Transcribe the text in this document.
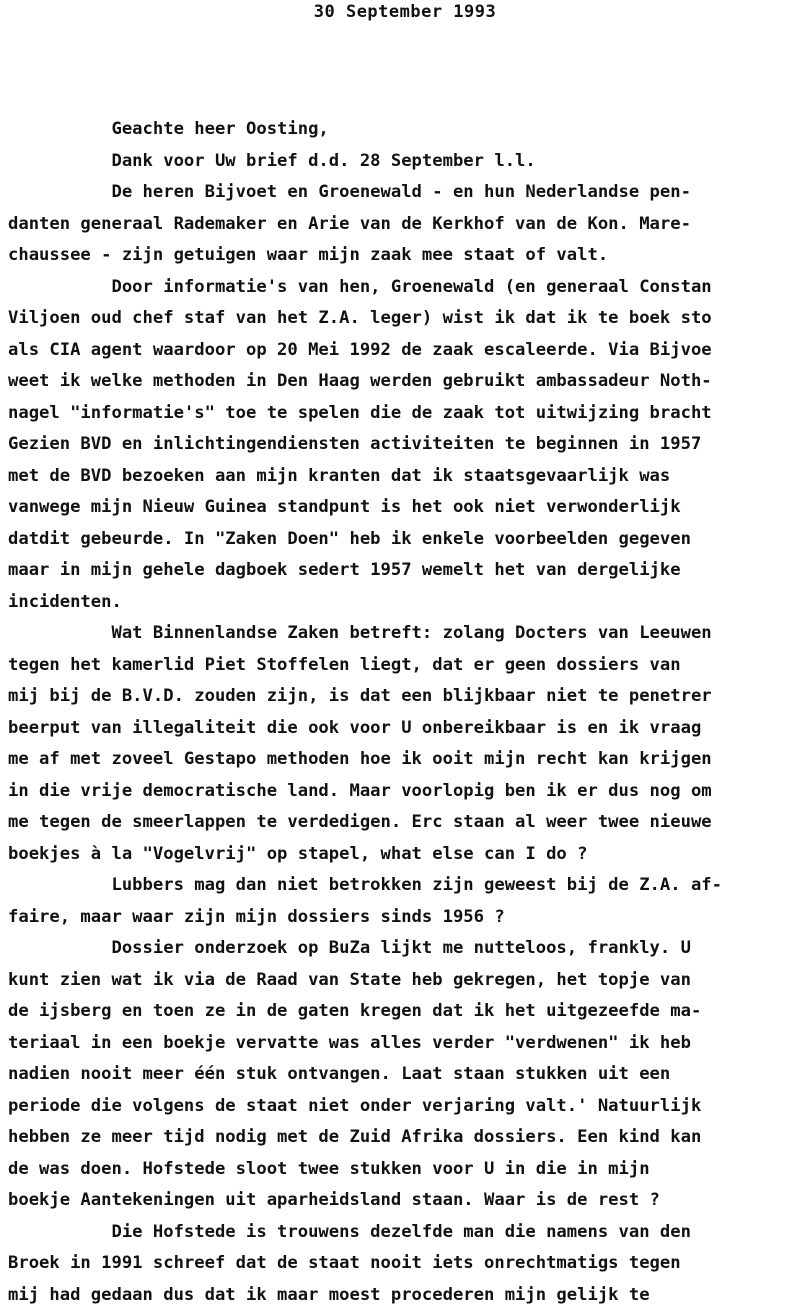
30 September 1993
Geachte heer Oosting,
Dank voor Uw brief d.d. 28 September l.l.
De heren Bijvoet en Groenewald - en hun Nederlandse pen-
danten generaal Rademaker en Arie van de Kerkhof van de Kon. Mare-
chaussee - zijn getuigen waar mijn zaak mee staat of valt.
Door informatie's van hen, Groenewald (en generaal Constan
Viljoen oud chef staf van het Z.A. leger) wist ik dat ik te boek sto
als CIA agent waardoor op 20 Mei 1992 de zaak escaleerde. Via Bijvoe
weet ik welke methoden in Den Haag werden gebruikt ambassadeur Noth-
nagel "informatie's" toe te spelen die de zaak tot uitwijzing bracht
Gezien BVD en inlichtingendiensten activiteiten te beginnen in 1957
met de BVD bezoeken aan mijn kranten dat ik staatsgevaarlijk was
vanwege mijn Nieuw Guinea standpunt is het ook niet verwonderlijk
datdit gebeurde. In "Zaken Doen" heb ik enkele voorbeelden gegeven
maar in mijn gehele dagboek sedert 1957 wemelt het van dergelijke
incidenten.
Wat Binnenlandse Zaken betreft: zolang Docters van Leeuwen
tegen het kamerlid Piet Stoffelen liegt, dat er geen dossiers van
mij bij de B.V.D. zouden zijn, is dat een blijkbaar niet te penetrer
beerput van illegaliteit die ook voor U onbereikbaar is en ik vraag
me af met zoveel Gestapo methoden hoe ik ooit mijn recht kan krijgen
in die vrije democratische land. Maar voorlopig ben ik er dus nog om
me tegen de smeerlappen te verdedigen. Erc staan al weer twee nieuwe
boekjes à la "Vogelvrij" op stapel, what else can I do ?
Lubbers mag dan niet betrokken zijn geweest bij de Z.A. af-
faire, maar waar zijn mijn dossiers sinds 1956 ?
Dossier onderzoek op BuZa lijkt me nutteloos, frankly. U
kunt zien wat ik via de Raad van State heb gekregen, het topje van
de ijsberg en toen ze in de gaten kregen dat ik het uitgezeefde ma-
teriaal in een boekje vervatte was alles verder "verdwenen" ik heb
nadien nooit meer één stuk ontvangen. Laat staan stukken uit een
periode die volgens de staat niet onder verjaring valt.' Natuurlijk
hebben ze meer tijd nodig met de Zuid Afrika dossiers. Een kind kan
de was doen. Hofstede sloot twee stukken voor U in die in mijn
boekje Aantekeningen uit aparheidsland staan. Waar is de rest ?
Die Hofstede is trouwens dezelfde man die namens van den
Broek in 1991 schreef dat de staat nooit iets onrechtmatigs tegen
mij had gedaan dus dat ik maar moest procederen mijn gelijk te
